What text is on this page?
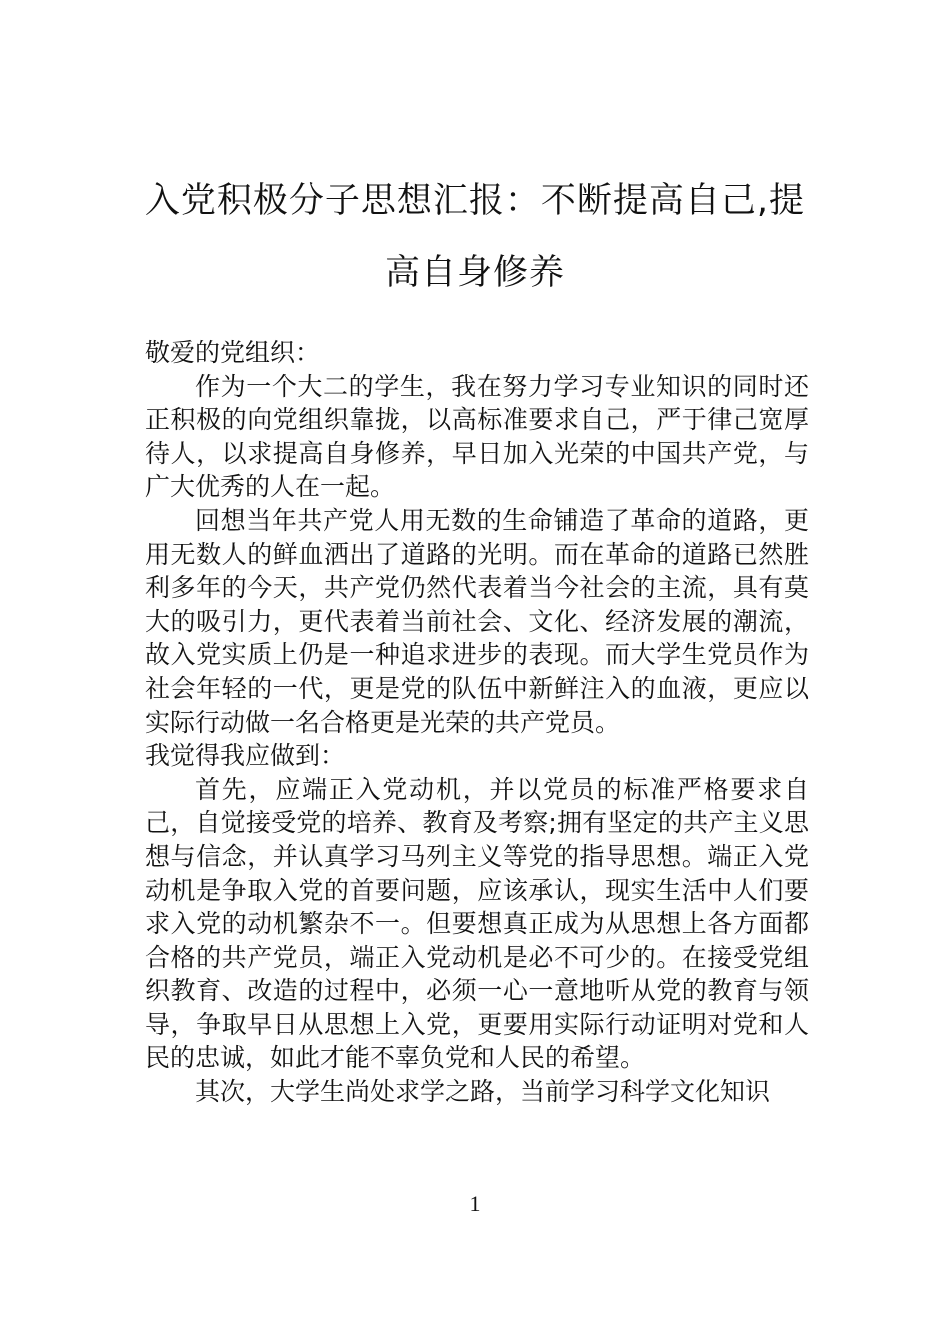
入党积极分子思想汇报：不断提高自己,提
高自身修养

敬爱的党组织：

作为一个大二的学生，我在努力学习专业知识的同时还正积极的向党组织靠拢，以高标准要求自己，严于律己宽厚待人，以求提高自身修养，早日加入光荣的中国共产党，与广大优秀的人在一起。

回想当年共产党人用无数的生命铺造了革命的道路，更用无数人的鲜血洒出了道路的光明。而在革命的道路已然胜利多年的今天，共产党仍然代表着当今社会的主流，具有莫大的吸引力，更代表着当前社会、文化、经济发展的潮流，故入党实质上仍是一种追求进步的表现。而大学生党员作为社会年轻的一代，更是党的队伍中新鲜注入的血液，更应以实际行动做一名合格更是光荣的共产党员。

我觉得我应做到：

首先，应端正入党动机，并以党员的标准严格要求自己，自觉接受党的培养、教育及考察;拥有坚定的共产主义思想与信念，并认真学习马列主义等党的指导思想。端正入党动机是争取入党的首要问题，应该承认，现实生活中人们要求入党的动机繁杂不一。但要想真正成为从思想上各方面都合格的共产党员，端正入党动机是必不可少的。在接受党组织教育、改造的过程中，必须一心一意地听从党的教育与领导，争取早日从思想上入党，更要用实际行动证明对党和人民的忠诚，如此才能不辜负党和人民的希望。

其次，大学生尚处求学之路，当前学习科学文化知识

1
